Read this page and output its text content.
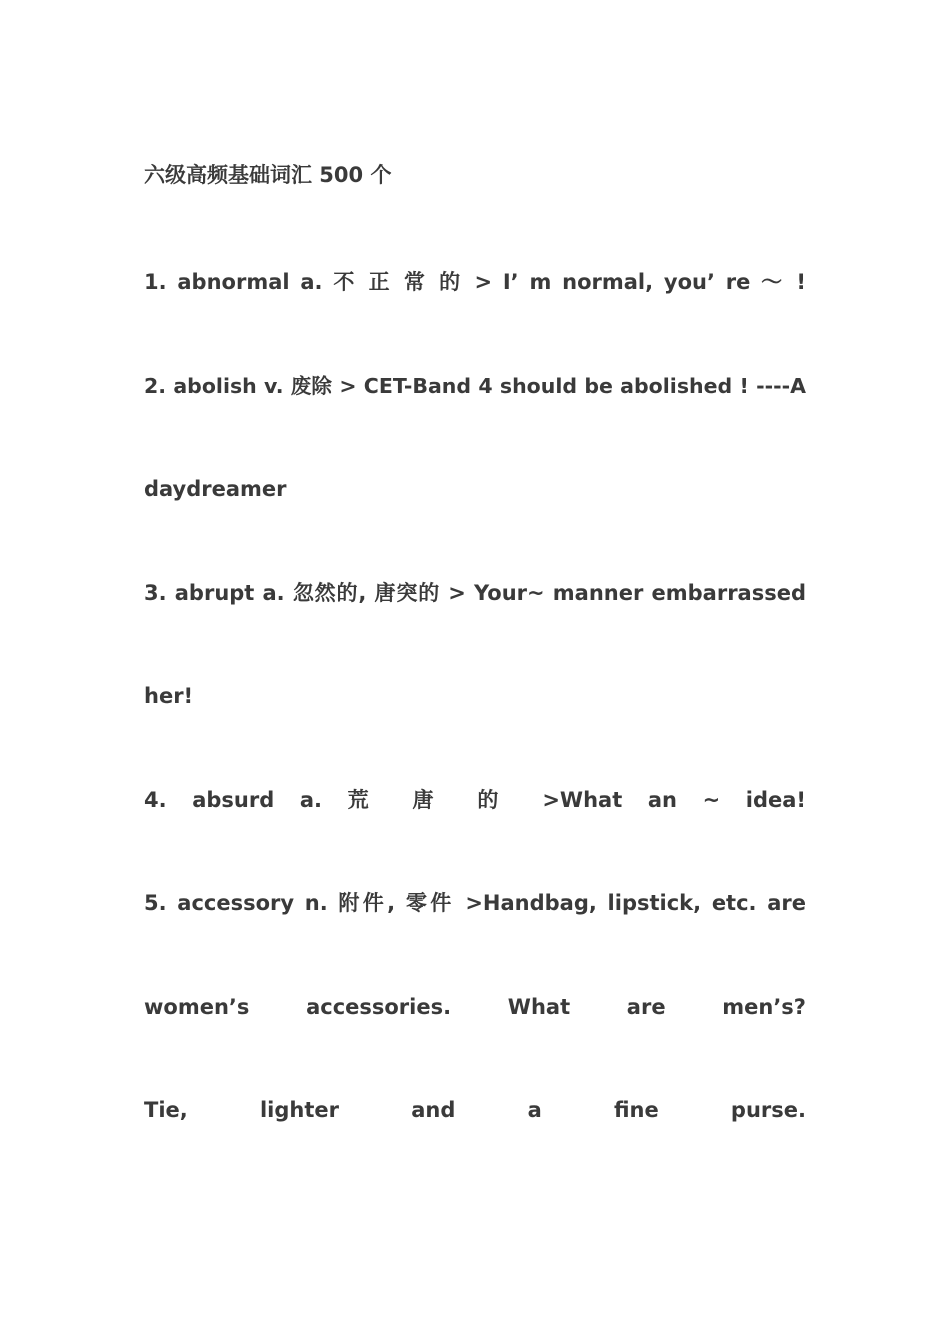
六级高频基础词汇 500 个
1. abnormal a. 不 正 常 的 > I’ m normal, you’ re ～ !
2. abolish v. 废除 > CET-Band 4 should be abolished ! ----A
daydreamer
3. abrupt a. 忽然的, 唐突的 > Your~ manner embarrassed
her!
4. absurd a. 荒 唐 的 >What an ~ idea!
5. accessory n. 附件, 零件 >Handbag, lipstick, etc. are
women’s accessories. What are men’s?
Tie, lighter and a fine purse.
